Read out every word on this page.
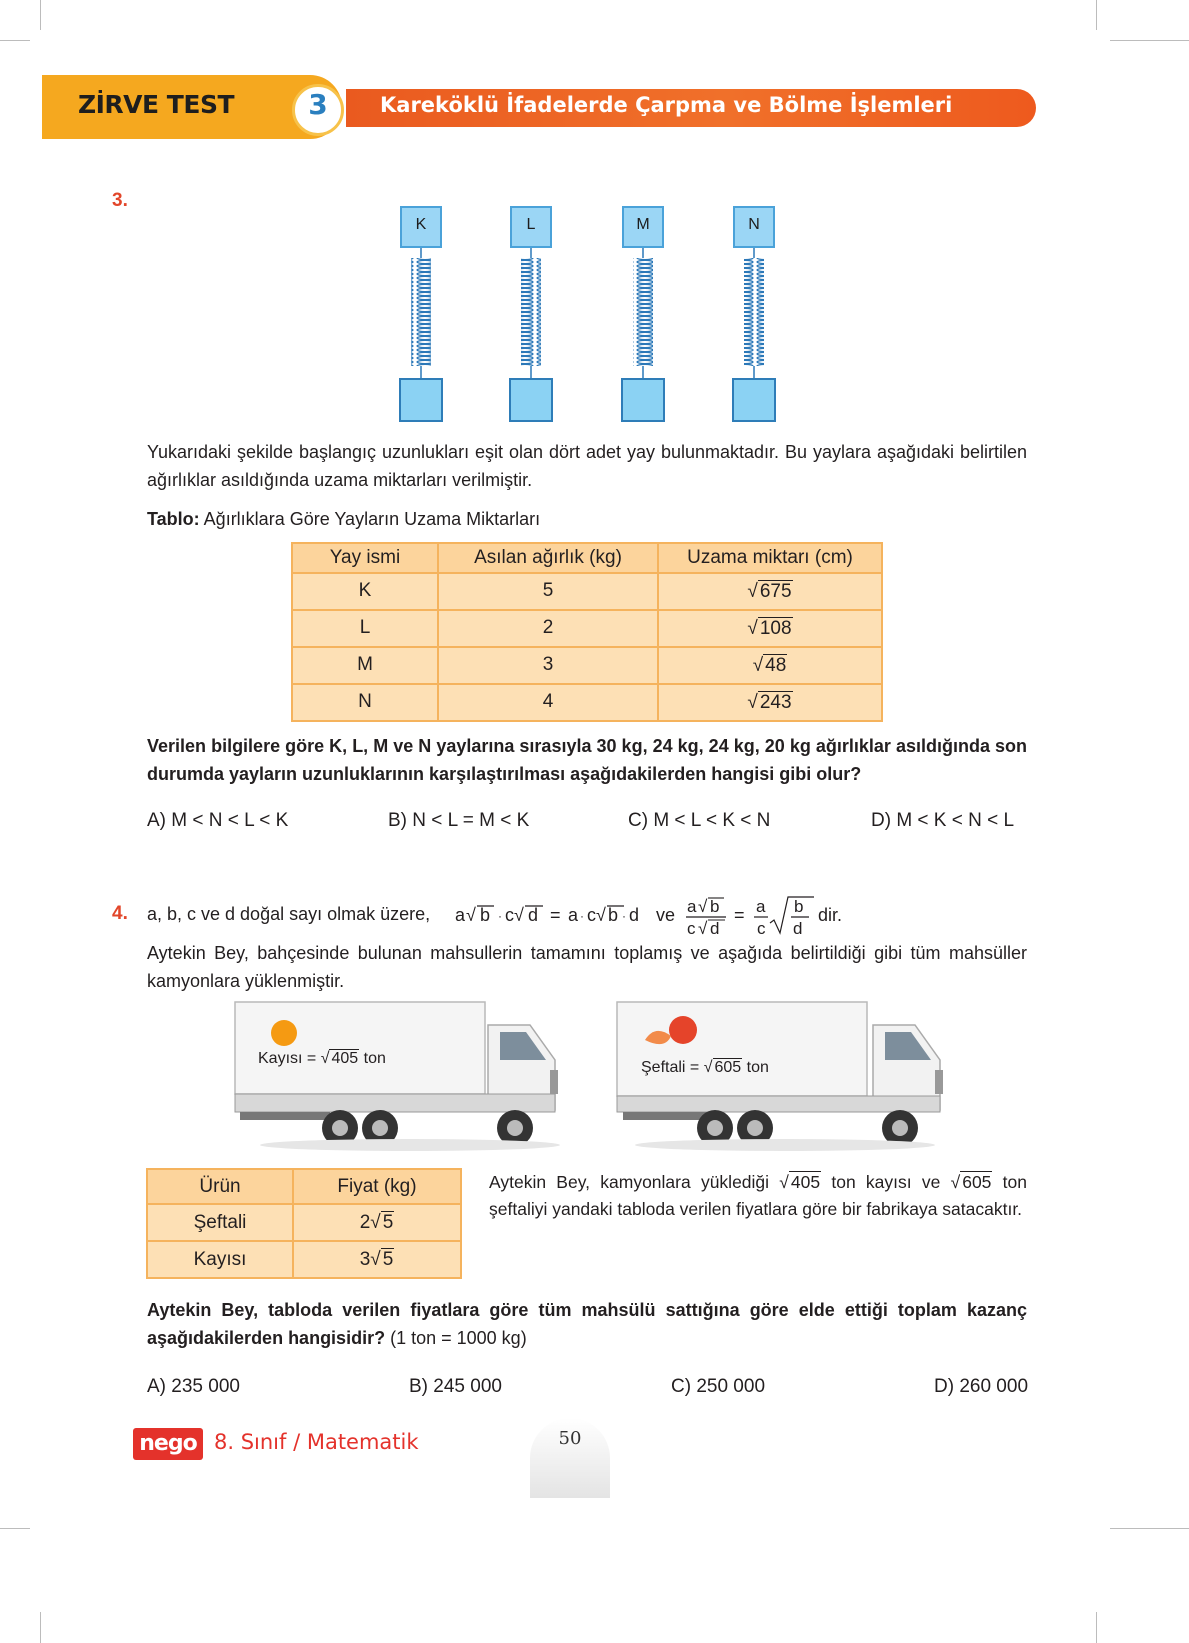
ZİRVE TEST	3	Kareköklü İfadelerde Çarpma ve Bölme İşlemleri
3.
K	L	M	N
Yukarıdaki şekilde başlangıç uzunlukları eşit olan dört adet yay bulunmaktadır. Bu yaylara aşağıdaki belirtilen ağırlıklar asıldığında uzama miktarları verilmiştir.
Tablo: Ağırlıklara Göre Yayların Uzama Miktarları
Yay ismi	Asılan ağırlık (kg)	Uzama miktarı (cm)
K	5	√ 675
L	2	√ 108
M	3	√ 48
N	4	√ 243
Verilen bilgilere göre K, L, M ve N yaylarına sırasıyla 30 kg, 24 kg, 24 kg, 20 kg ağırlıklar asıldığında son durumda yayların uzunluklarının karşılaştırılması aşağıdakilerden hangisi gibi olur?
A) M < N < L < K	B) N < L = M < K	C) M < L < K < N	D) M < K < N < L
4. a, b, c ve d doğal sayı olmak üzere, a √ b · c √ d = a · c √ b · d ve a √ b
c √ d
= a
c
b
d
dir.
Aytekin Bey, bahçesinde bulunan mahsullerin tamamını toplamış ve aşağıda belirtildiği gibi tüm mahsüller kamyonlara yüklenmiştir.
Kayısı = √ 405 ton
Şeftali = √ 605 ton
Ürün	Fiyat (kg)
Şeftali	2√ 5
Kayısı	3√ 5
Aytekin Bey, kamyonlara yüklediği √ 405 ton kayısı ve √ 605 ton şeftaliyi yandaki tabloda verilen fiyatlara göre bir fabrikaya satacaktır.
Aytekin Bey, tabloda verilen fiyatlara göre tüm mahsülü sattığına göre elde ettiği toplam kazanç aşağıdakilerden hangisidir? (1 ton = 1000 kg)
A) 235 000	B) 245 000	C) 250 000	D) 260 000
nego 8. Sınıf / Matematik	50
